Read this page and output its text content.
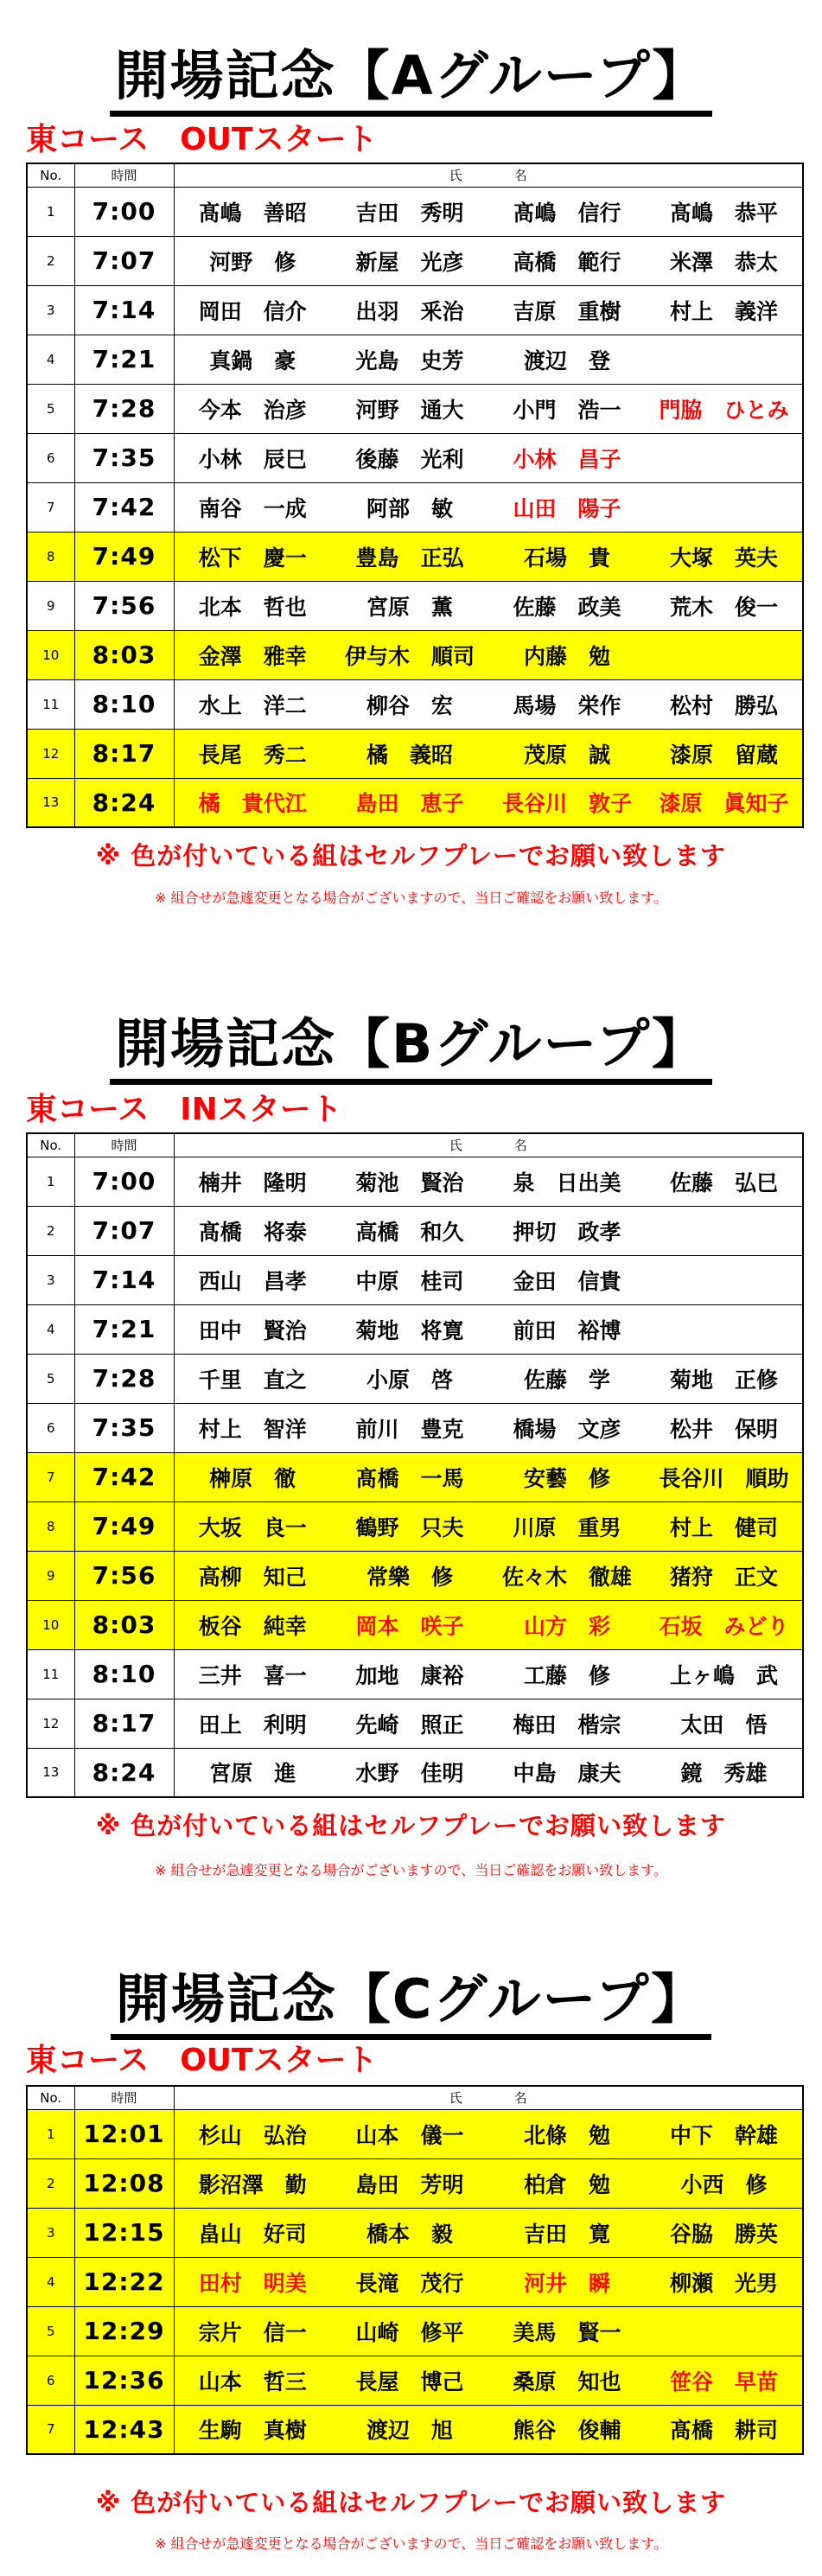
開場記念【Aグループ】
東コース　OUTスタート
No.	時間	氏名			
1	7:00	髙嶋　善昭	吉田　秀明	髙嶋　信行	髙嶋　恭平
2	7:07	河野　修	新屋　光彦	高橋　範行	米澤　恭太
3	7:14	岡田　信介	出羽　釆治	吉原　重樹	村上　義洋
4	7:21	真鍋　豪	光島　史芳	渡辺　登	
5	7:28	今本　治彦	河野　通大	小門　浩一	門脇　ひとみ
6	7:35	小林　辰巳	後藤　光利	小林　昌子	
7	7:42	南谷　一成	阿部　敏	山田　陽子	
8	7:49	松下　慶一	豊島　正弘	石場　貴	大塚　英夫
9	7:56	北本　哲也	宮原　薫	佐藤　政美	荒木　俊一
10	8:03	金澤　雅幸	伊与木　順司	内藤　勉	
11	8:10	水上　洋二	柳谷　宏	馬場　栄作	松村　勝弘
12	8:17	長尾　秀二	橘　義昭	茂原　誠	漆原　留蔵
13	8:24	橘　貴代江	島田　恵子	長谷川　敦子	漆原　眞知子
※ 色が付いている組はセルフプレーでお願い致します
※ 組合せが急遽変更となる場合がございますので、当日ご確認をお願い致します。
開場記念【Bグループ】
東コース　INスタート
No.	時間	氏名			
1	7:00	楠井　隆明	菊池　賢治	泉　日出美	佐藤　弘巳
2	7:07	髙橋　将泰	高橋　和久	押切　政孝	
3	7:14	西山　昌孝	中原　桂司	金田　信貴	
4	7:21	田中　賢治	菊地　将寛	前田　裕博	
5	7:28	千里　直之	小原　啓	佐藤　学	菊地　正修
6	7:35	村上　智洋	前川　豊克	橋場　文彦	松井　保明
7	7:42	榊原　徹	髙橋　一馬	安藝　修	長谷川　順助
8	7:49	大坂　良一	鶴野　只夫	川原　重男	村上　健司
9	7:56	高柳　知己	常樂　修	佐々木　徹雄	猪狩　正文
10	8:03	板谷　純幸	岡本　咲子	山方　彩	石坂　みどり
11	8:10	三井　喜一	加地　康裕	工藤　修	上ヶ嶋　武
12	8:17	田上　利明	先崎　照正	梅田　楷宗	太田　悟
13	8:24	宮原　進	水野　佳明	中島　康夫	鏡　秀雄
※ 色が付いている組はセルフプレーでお願い致します
※ 組合せが急遽変更となる場合がございますので、当日ご確認をお願い致します。
開場記念【Cグループ】
東コース　OUTスタート
No.	時間	氏名			
1	12:01	杉山　弘治	山本　儀一	北條　勉	中下　幹雄
2	12:08	影沼澤　勤	島田　芳明	柏倉　勉	小西　修
3	12:15	畠山　好司	橋本　毅	吉田　寛	谷脇　勝英
4	12:22	田村　明美	長滝　茂行	河井　瞬	柳瀬　光男
5	12:29	宗片　信一	山崎　修平	美馬　賢一	
6	12:36	山本　哲三	長屋　博己	桑原　知也	笹谷　早苗
7	12:43	生駒　真樹	渡辺　旭	熊谷　俊輔	髙橋　耕司
※ 色が付いている組はセルフプレーでお願い致します
※ 組合せが急遽変更となる場合がございますので、当日ご確認をお願い致します。
